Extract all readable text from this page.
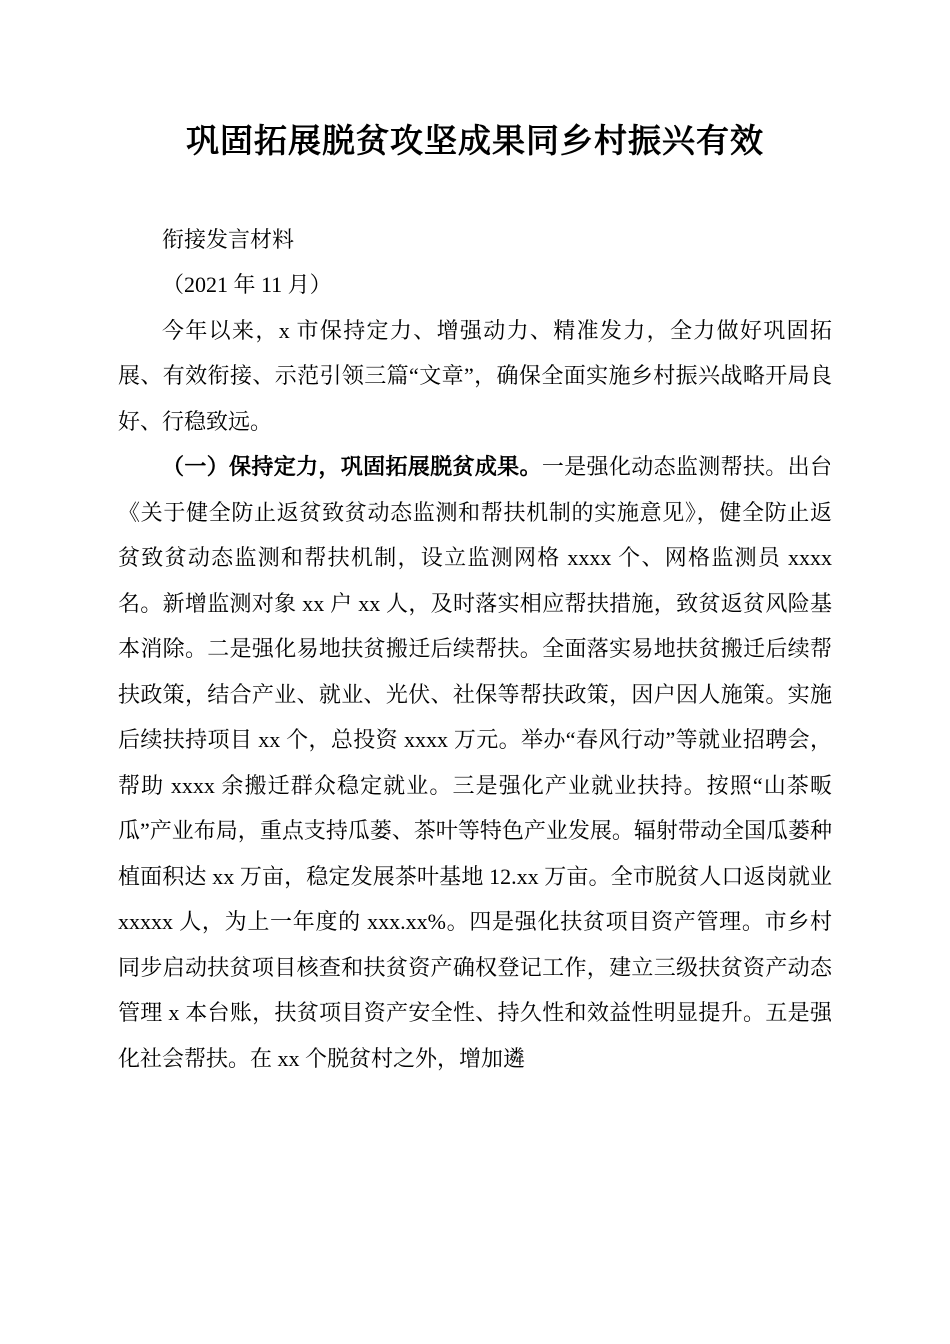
巩固拓展脱贫攻坚成果同乡村振兴有效

衔接发言材料

（2021 年 11 月）

今年以来，x 市保持定力、增强动力、精准发力，全力做好巩固拓展、有效衔接、示范引领三篇“文章”，确保全面实施乡村振兴战略开局良好、行稳致远。

（一）保持定力，巩固拓展脱贫成果。一是强化动态监测帮扶。出台《关于健全防止返贫致贫动态监测和帮扶机制的实施意见》，健全防止返贫致贫动态监测和帮扶机制，设立监测网格 xxxx 个、网格监测员 xxxx 名。新增监测对象 xx 户 xx 人，及时落实相应帮扶措施，致贫返贫风险基本消除。二是强化易地扶贫搬迁后续帮扶。全面落实易地扶贫搬迁后续帮扶政策，结合产业、就业、光伏、社保等帮扶政策，因户因人施策。实施后续扶持项目 xx 个，总投资 xxxx 万元。举办“春风行动”等就业招聘会，帮助 xxxx 余搬迁群众稳定就业。三是强化产业就业扶持。按照“山茶畈瓜”产业布局，重点支持瓜蒌、茶叶等特色产业发展。辐射带动全国瓜蒌种植面积达 xx 万亩，稳定发展茶叶基地 12.xx 万亩。全市脱贫人口返岗就业 xxxxx 人，为上一年度的 xxx.xx%。四是强化扶贫项目资产管理。市乡村同步启动扶贫项目核查和扶贫资产确权登记工作，建立三级扶贫资产动态管理 x 本台账，扶贫项目资产安全性、持久性和效益性明显提升。五是强化社会帮扶。在 xx 个脱贫村之外，增加遴
